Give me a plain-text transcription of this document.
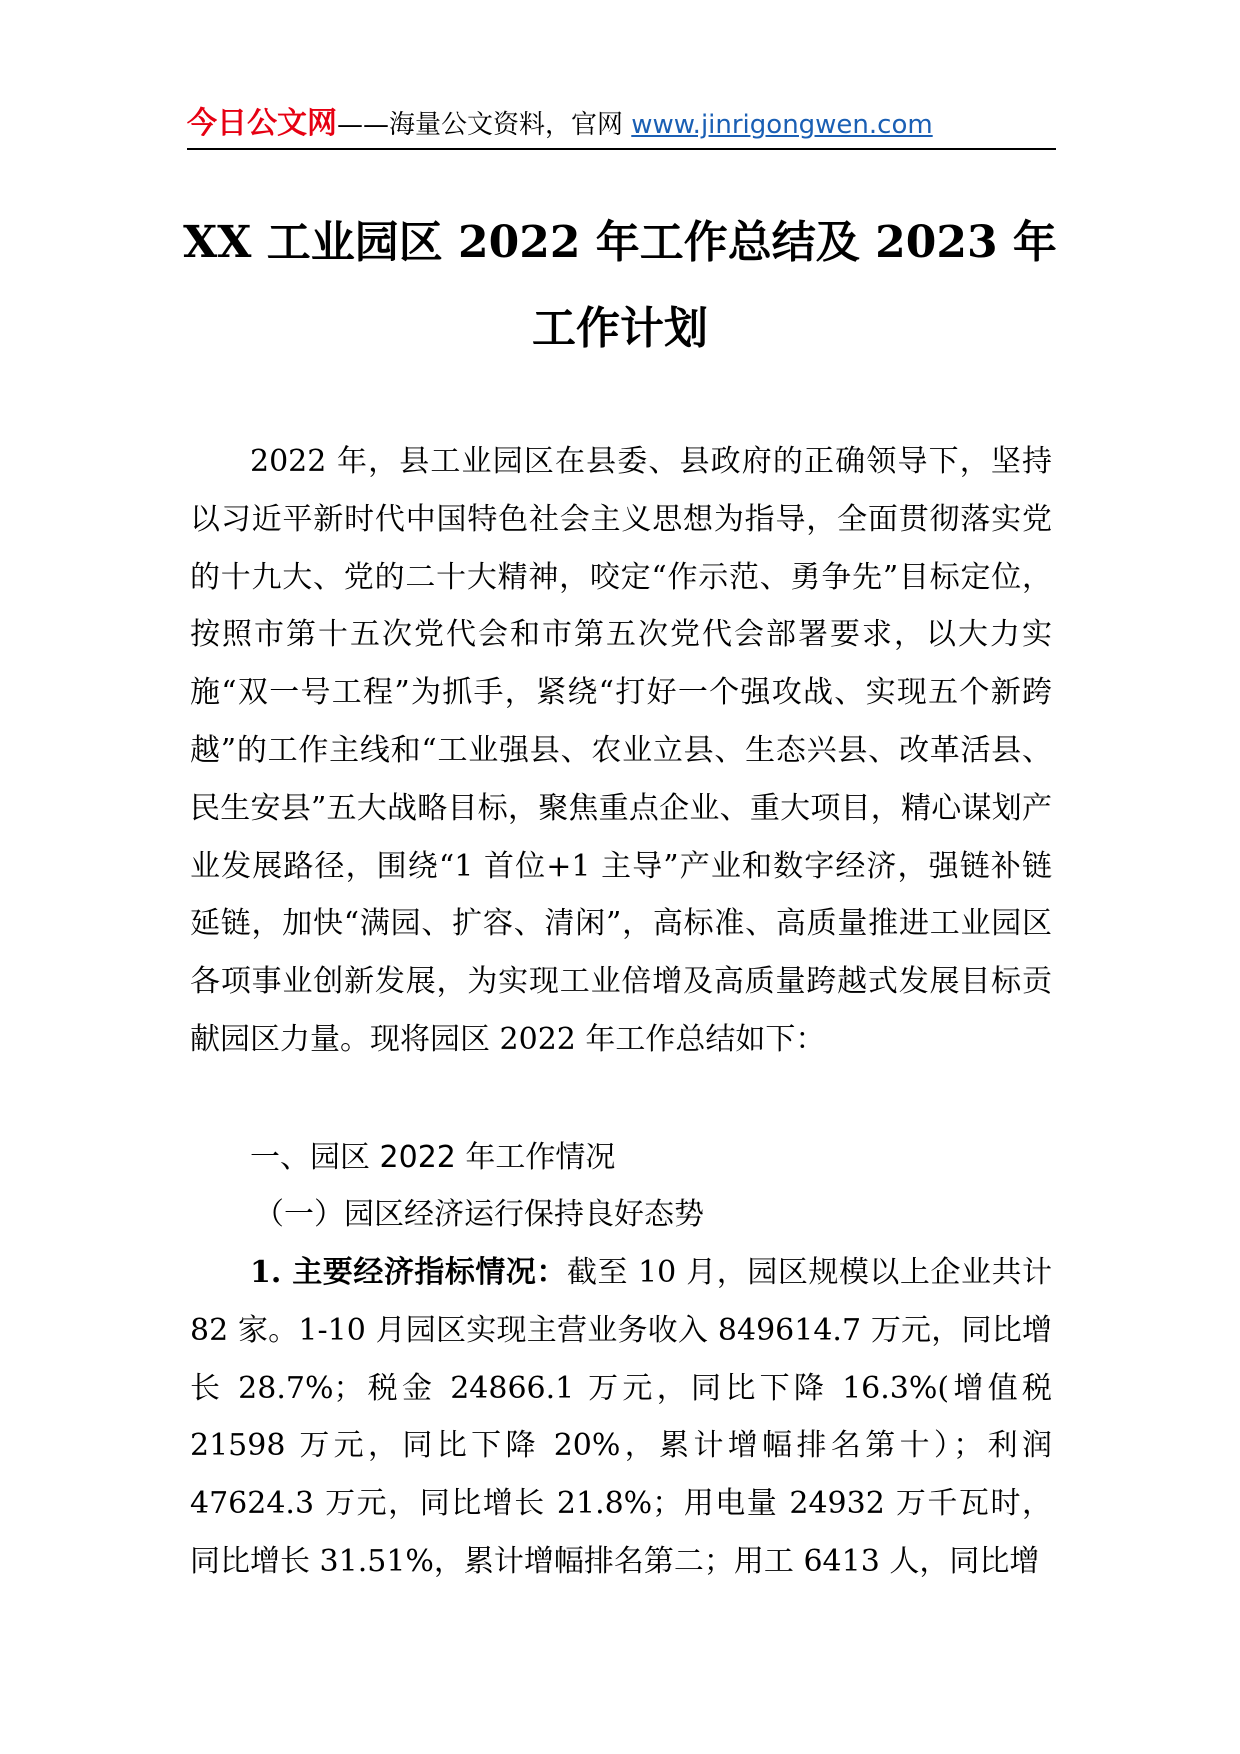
今日公文网——海量公文资料，官网 www.jinrigongwen.com
XX 工业园区 2022 年工作总结及 2023 年工作计划

2022 年，县工业园区在县委、县政府的正确领导下，坚持以习近平新时代中国特色社会主义思想为指导，全面贯彻落实党的十九大、党的二十大精神，咬定“作示范、勇争先”目标定位，按照市第十五次党代会和市第五次党代会部署要求，以大力实施“双一号工程”为抓手，紧绕“打好一个强攻战、实现五个新跨越”的工作主线和“工业强县、农业立县、生态兴县、改革活县、民生安县”五大战略目标，聚焦重点企业、重大项目，精心谋划产业发展路径，围绕“1 首位+1 主导”产业和数字经济，强链补链延链，加快“满园、扩容、清闲”，高标准、高质量推进工业园区各项事业创新发展，为实现工业倍增及高质量跨越式发展目标贡献园区力量。现将园区 2022 年工作总结如下：

一、园区 2022 年工作情况
（一）园区经济运行保持良好态势

1. 主要经济指标情况：截至 10 月，园区规模以上企业共计 82 家。1-10 月园区实现主营业务收入 849614.7 万元，同比增长 28.7%；税金 24866.1 万元，同比下降 16.3%(增值税 21598 万元，同比下降 20%，累计增幅排名第十）；利润 47624.3 万元，同比增长 21.8%；用电量 24932 万千瓦时，同比增长 31.51%，累计增幅排名第二；用工 6413 人，同比增
